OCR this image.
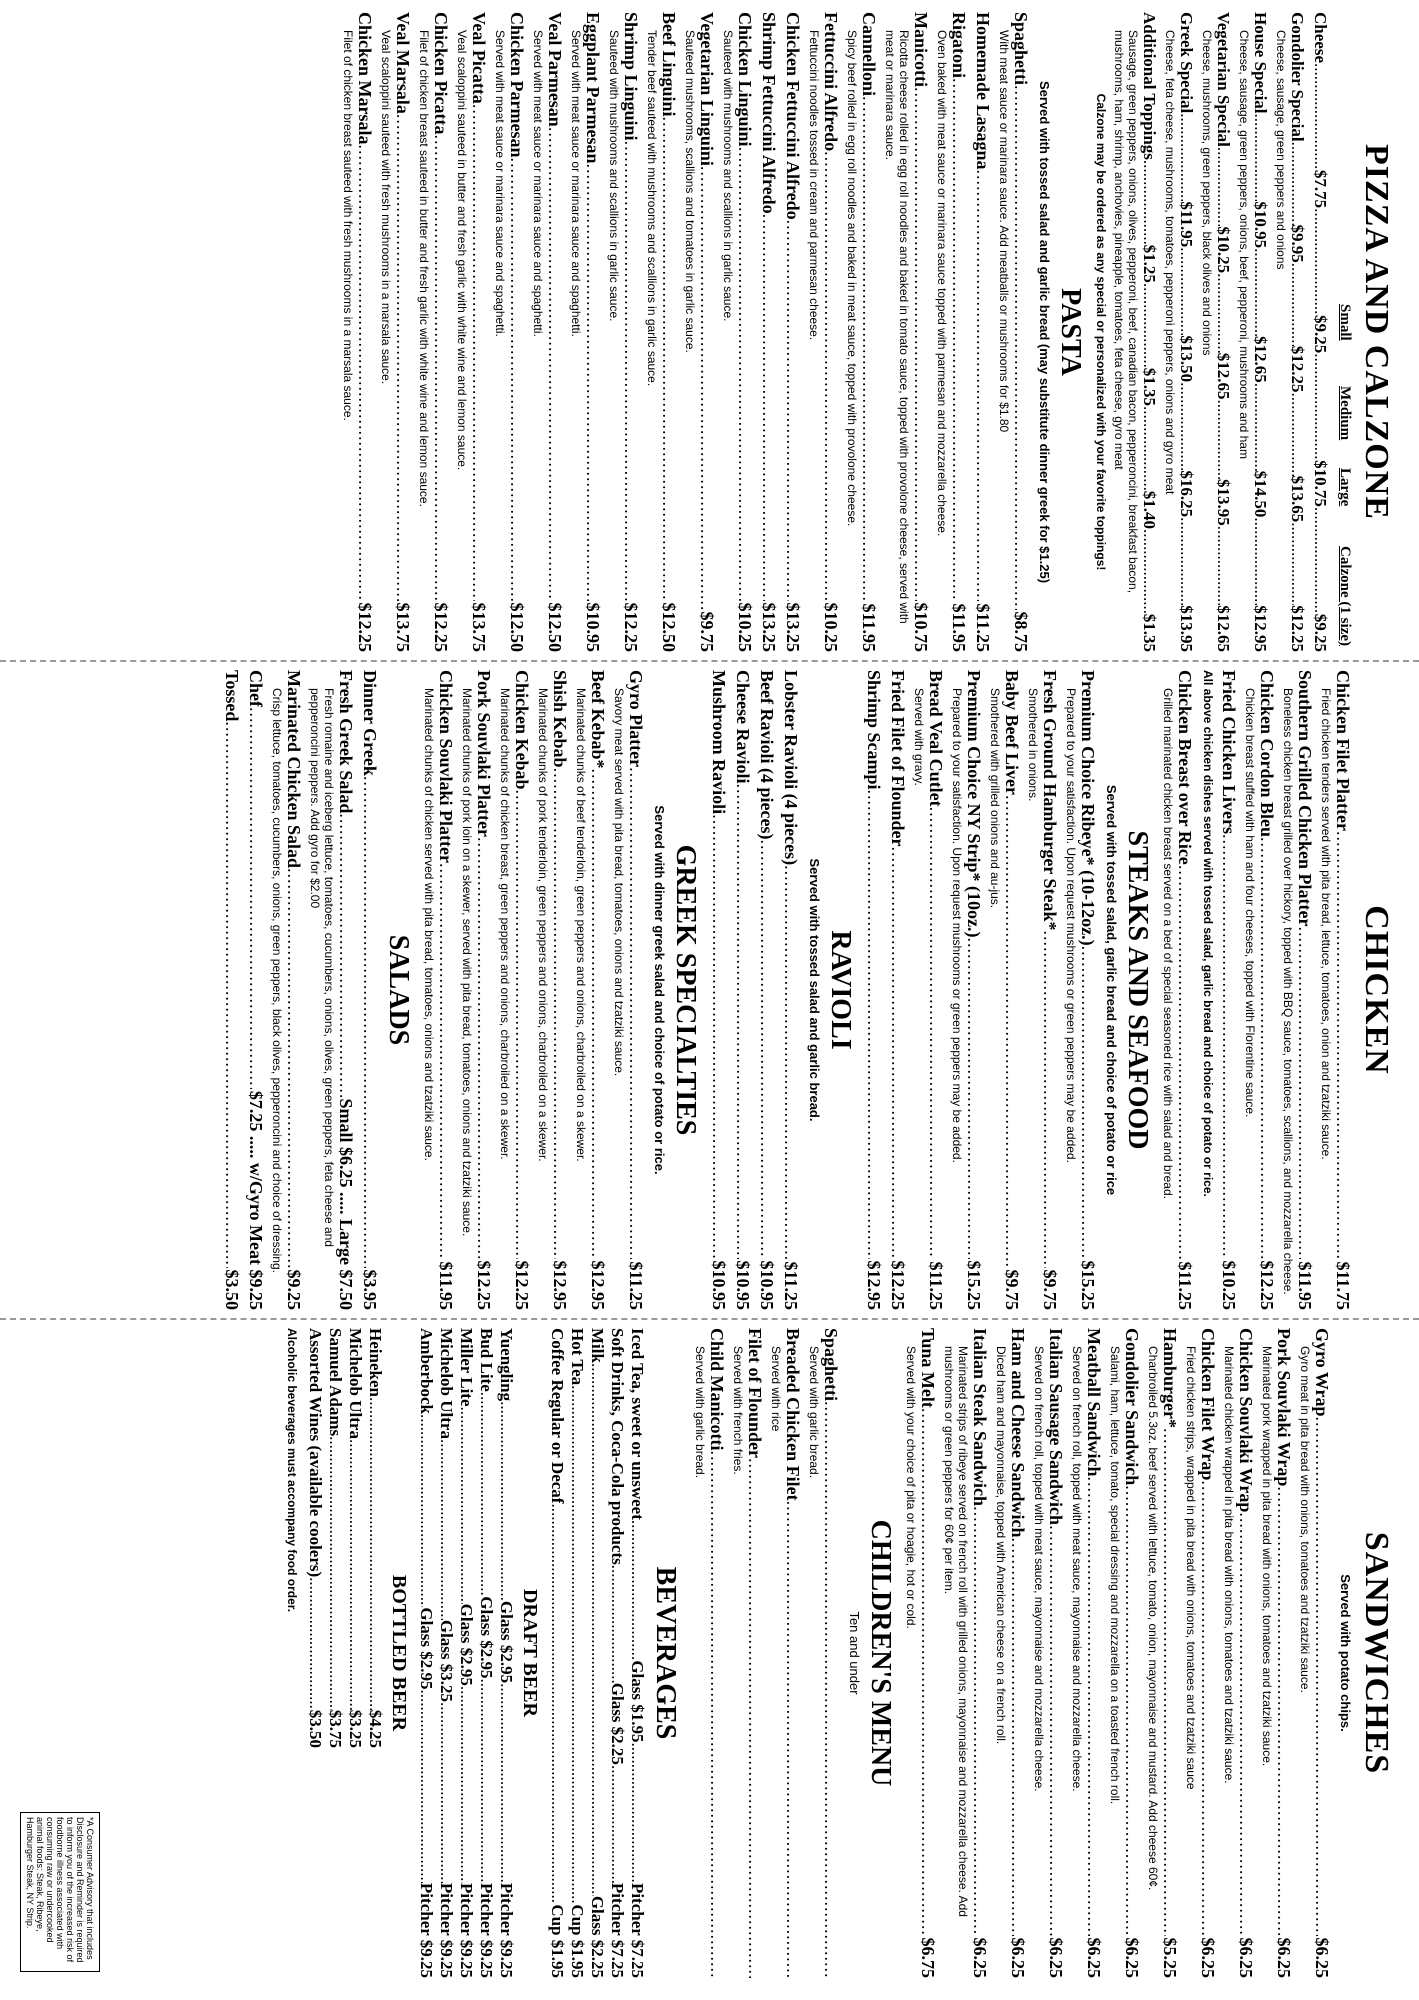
PIZZA AND CALZONE
Small
Medium
Large
Calzone (1 size)
Cheese
.....
$7.75
.....
$9.25
.....
$10.75
.....
$9.25
Gondolier Special
.....
$9.95
.....
$12.25
.....
$13.65
.....
$12.25
Cheese, sausage, green peppers and onions
House Special
.....
$10.95
.....
$12.65
.....
$14.50
.....
$12.95
Cheese, sausage, green peppers, onions, beef, pepperoni, mushrooms and ham
Vegetarian Special
.....
$10.25
.....
$12.65
.....
$13.95
.....
$12.65
Cheese, mushrooms, green peppers, black olives and onions
Greek Special
.....
$11.95
.....
$13.50
.....
$16.25
.....
$13.95
Cheese, feta cheese, mushrooms, tomatoes, pepperoni peppers, onions and gyro meat
Additional Toppings
.....
$1.25
.....
$1.35
.....
$1.40
.....
$1.35
Sausage, green peppers, onions, olives, pepperoni, beef, canadian bacon, pepperoncini, breakfast bacon, mushrooms, ham, shrimp, anchovies, pineapple, tomatoes, feta cheese, gyro meat
Calzone may be ordered as any special or personalized with your favorite toppings!
PASTA
Served with tossed salad and garlic bread (may substitute dinner greek for $1.25)
Spaghetti
.....
$8.75
With meat sauce or marinara sauce. Add meatballs or mushrooms for $1.80
Homemade Lasagna
.....
$11.25
Rigatoni
.....
$11.95
Oven baked with meat sauce or marinara sauce topped with parmesan and mozzarella cheese.
Manicotti
.....
$10.75
Ricotta cheese rolled in egg roll noodles and baked in tomato sauce, topped with provolone cheese, served with meat or marinara sauce.
Cannelloni
.....
$11.95
Spicy beef rolled in egg roll noodles and baked in meat sauce, topped with provolone cheese.
Fettuccini Alfredo
.....
$10.25
Fettuccini noodles tossed in cream and parmesan cheese.
Chicken Fettuccini Alfredo
.....
$13.25
Shrimp Fettuccini Alfredo
.....
$13.25
Chicken Linguini
.....
$10.25
Sauteed with mushrooms and scallions in garlic sauce.
Vegetarian Linguini
.....
$9.75
Sauteed mushrooms, scallions and tomatoes in garlic sauce.
Beef Linguini
.....
$12.50
Tender beef sauteed with mushrooms and scallions in garlic sauce.
Shrimp Linguini
.....
$12.25
Sauteed with mushrooms and scallions in garlic sauce.
Eggplant Parmesan
.....
$10.95
Served with meat sauce or marinara sauce and spaghetti.
Veal Parmesan
.....
$12.50
Served with meat sauce or marinara sauce and spaghetti.
Chicken Parmesan
.....
$12.50
Served with meat sauce or marinara sauce and spaghetti.
Veal Picatta
.....
$13.75
Veal scaloppini sauteed in butter and fresh garlic with white wine and lemon sauce.
Chicken Picatta
.....
$12.25
Filet of chicken breast sauteed in butter and fresh garlic with white wine and lemon sauce.
Veal Marsala
.....
$13.75
Veal scaloppini sauteed with fresh mushrooms in a marsala sauce.
Chicken Marsala
.....
$12.25
Filet of chicken breast sauteed with fresh mushrooms in a marsala sauce.
CHICKEN
Chicken Filet Platter
.....
$11.75
Fried chicken tenders served with pita bread, lettuce, tomatoes, onion and tzatziki sauce.
Southern Grilled Chicken Platter
.....
$11.95
Boneless chicken breast grilled over hickory, topped with BBQ sauce, tomatoes, scallions, and mozzarella cheese.
Chicken Cordon Bleu
.....
$12.25
Chicken breast stuffed with ham and four cheeses, topped with Florentine sauce.
Fried Chicken Livers
.....
$10.25
All above chicken dishes served with tossed salad, garlic bread and choice of potato or rice.
Chicken Breast over Rice
.....
$11.25
Grilled marinated chicken breast served on a bed of special seasoned rice with salad and bread.
STEAKS AND SEAFOOD
Served with tossed salad, garlic bread and choice of potato or rice
Premium Choice Ribeye* (10-12oz.)
.....
$15.25
Prepared to your satisfaction. Upon request mushrooms or green peppers may be added.
Fresh Ground Hamburger Steak*
.....
$9.75
Smothered in onions.
Baby Beef Liver
.....
$9.75
Smothered with grilled onions and au-jus.
Premium Choice NY Strip* (10oz.)
.....
$15.25
Prepared to your satisfaction. Upon request mushrooms or green peppers may be added.
Bread Veal Cutlet
.....
$11.25
Served with gravy.
Fried Filet of Flounder
.....
$12.25
Shrimp Scampi
.....
$12.95
RAVIOLI
Served with tossed salad and garlic bread.
Lobster Ravioli (4 pieces)
.....
$11.25
Beef Ravioli (4 pieces)
.....
$10.95
Cheese Ravioli
.....
$10.95
Mushroom Ravioli
.....
$10.95
GREEK SPECIALTIES
Served with dinner greek salad and choice of potato or rice.
Gyro Platter
.....
$11.25
Savory meat served with pita bread, tomatoes, onions and tzatziki sauce.
Beef Kebab*
.....
$12.95
Marinated chunks of beef tenderloin, green peppers and onions, charbroiled on a skewer.
Shish Kebab
.....
$12.95
Marinated chunks of pork tenderloin, green peppers and onions, charbroiled on a skewer.
Chicken Kebab
.....
$12.25
Marinated chunks of chicken breast, green peppers and onions, charbroiled on a skewer.
Pork Souvlaki Platter
.....
$12.25
Marinated chunks of pork loin on a skewer, served with pita bread, tomatoes, onions and tzatziki sauce.
Chicken Souvlaki Platter
.....
$11.95
Marinated chunks of chicken served with pita bread, tomatoes, onions and tzatziki sauce.
SALADS
Dinner Greek
.....
$3.95
Fresh Greek Salad
.....
Small $6.25 ..... Large $7.50
Fresh romaine and iceberg lettuce, tomatoes, cucumbers, onions, olives, green peppers, feta cheese and pepperoncini peppers. Add gyro for $2.00
Marinated Chicken Salad
.....
$9.25
Crisp lettuce, tomatoes, cucumbers, onions, green peppers, black olives, pepperoncini and choice of dressing.
Chef
.....
$7.25 ..... w/Gyro Meat $9.25
Tossed
.....
$3.50
SANDWICHES
Served with potato chips.
Gyro Wrap
.....
$6.25
Gyro meat in pita bread with onions, tomatoes and tzatziki sauce.
Pork Souvlaki Wrap
.....
$6.25
Marinated pork wrapped in pita bread with onions, tomatoes and tzatziki sauce.
Chicken Souvlaki Wrap
.....
$6.25
Marinated chicken wrapped in pita bread with onions, tomatoes and tzatziki sauce.
Chicken Filet Wrap
.....
$6.25
Fried chicken strips, wrapped in pita bread with onions, tomatoes and tzatziki sauce
Hamburger*
.....
$5.25
Charbroiled 5.3oz. beef served with lettuce, tomato, onion, mayonnaise and mustard. Add cheese 60¢.
Gondolier Sandwich
.....
$6.25
Salami, ham, lettuce, tomato, special dressing and mozzarella on a toasted french roll.
Meatball Sandwich
.....
$6.25
Served on french roll, topped with meat sauce, mayonnaise and mozzarella cheese.
Italian Sausage Sandwich
.....
$6.25
Served on french roll, topped with meat sauce, mayonnaise and mozzarella cheese.
Ham and Cheese Sandwich
.....
$6.25
Diced ham and mayonnaise, topped with American cheese on a french roll.
Italian Steak Sandwich
.....
$6.25
Marinated strips of ribeye served on french roll with grilled onions, mayonnaise and mozzarella cheese. Add mushrooms or green peppers for 60¢ per item.
Tuna Melt
.....
$6.75
Served with your choice of pita or hoagie, hot or cold.
CHILDREN'S MENU
Ten and under
Spaghetti
.....
Served with garlic bread.
Breaded Chicken Filet
.....
Served with rice
Filet of Flounder
.....
Served with french fries.
Child Manicotti
.....
Served with garlic bread.
BEVERAGES
Iced Tea, sweet or unsweet
.....
Glass $1.95
.....
Pitcher $7.25
Soft Drinks, Coca-Cola products
.....
Glass $2.25
.....
Pitcher $7.25
Milk
.....
Glass $2.25
Hot Tea
.....
Cup $1.95
Coffee Regular or Decaf
.....
Cup $1.95
DRAFT BEER
Yuengling
.....
Glass $2.95
.....
Pitcher $9.25
Bud Lite
.....
Glass $2.95
.....
Pitcher $9.25
Miller Lite
.....
Glass $2.95
.....
Pitcher $9.25
Michelob Ultra
.....
Glass $3.25
.....
Pitcher $9.25
Amberbock
.....
Glass $2.95
.....
Pitcher $9.25
BOTTLED BEER
Heineken
.....
$4.25
Michelob Ultra
.....
$3.25
Samuel Adams
.....
$3.75
Assorted Wines (available coolers)
.....
$3.50
Alcoholic beverages must accompany food order.
*A Consumer Advisory that includes Disclosure and Reminder is required to inform you of the increased risk of foodborne illness associated with consuming raw or undercooked animal foods: Steak, Ribeye, Hamburger Steak, NY Strip.
